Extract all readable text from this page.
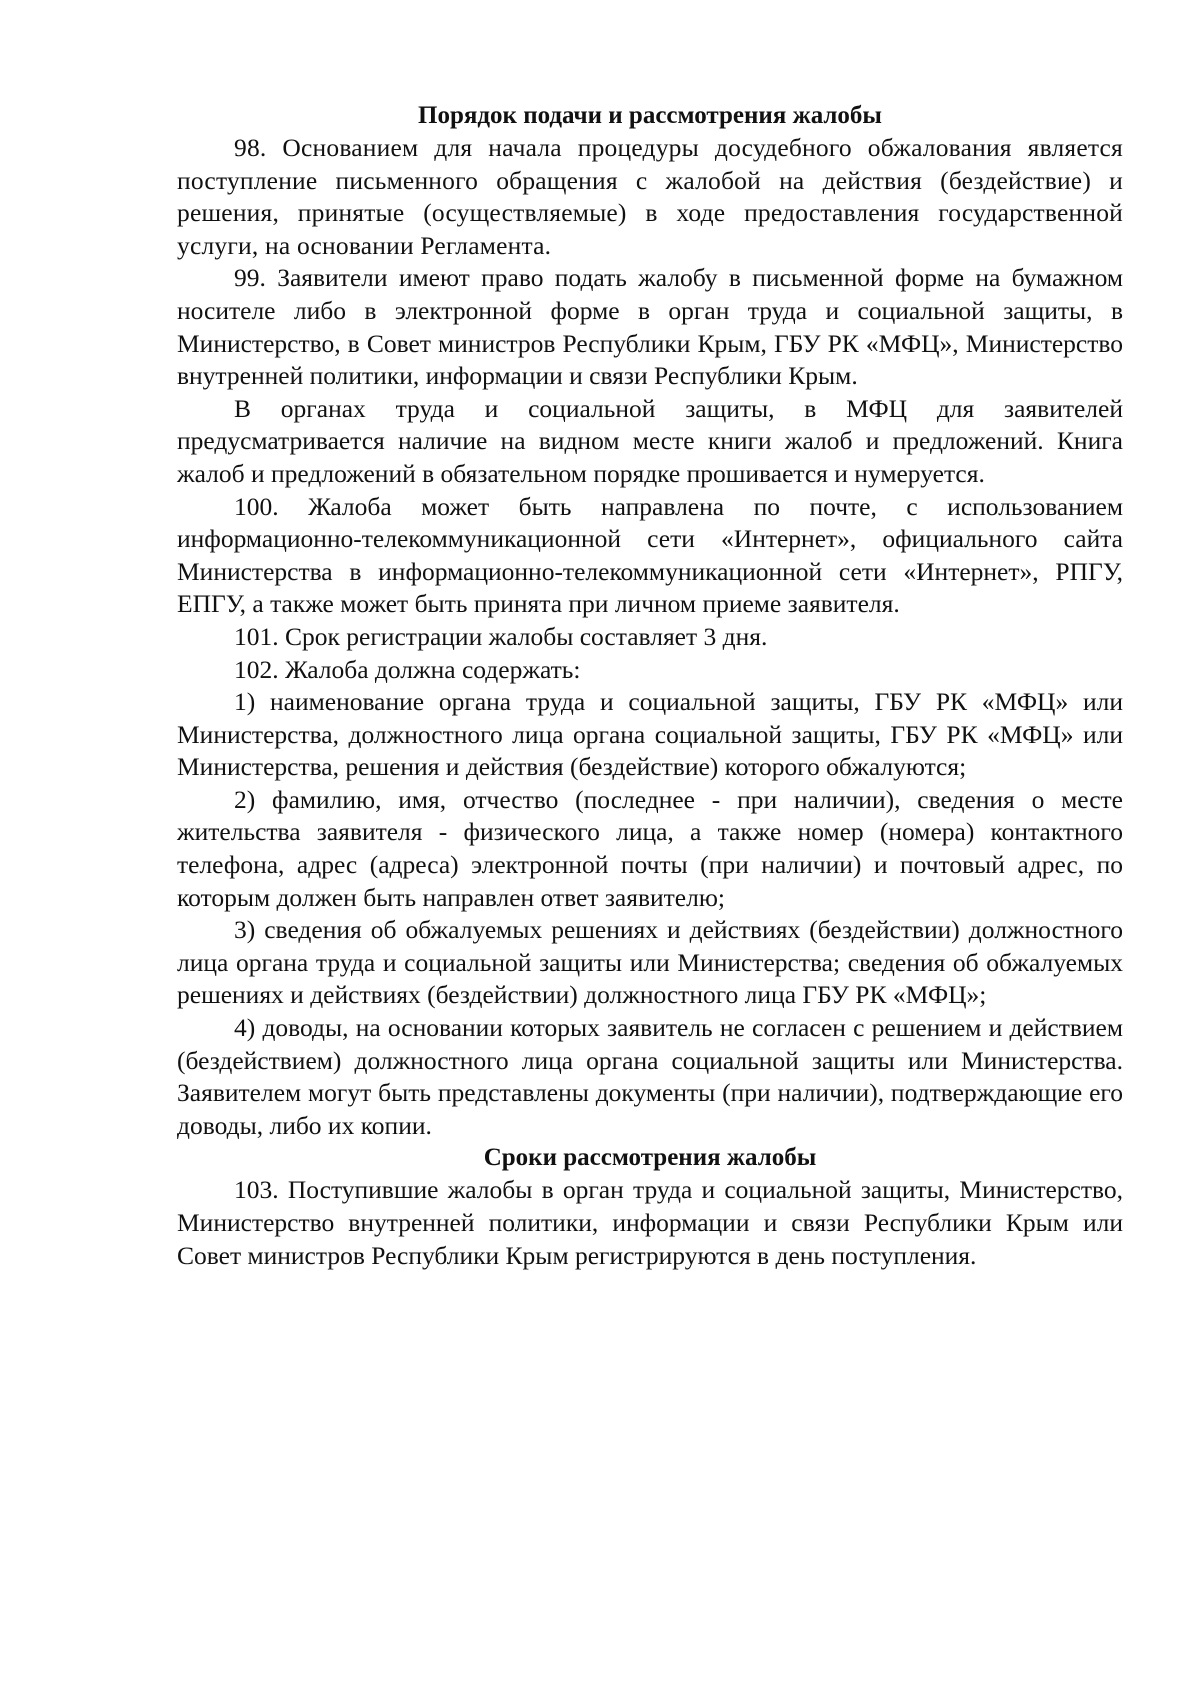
Порядок подачи и рассмотрения жалобы

98. Основанием для начала процедуры досудебного обжалования является поступление письменного обращения с жалобой на действия (бездействие) и решения, принятые (осуществляемые) в ходе предоставления государственной услуги, на основании Регламента.

99. Заявители имеют право подать жалобу в письменной форме на бумажном носителе либо в электронной форме в орган труда и социальной защиты, в Министерство, в Совет министров Республики Крым, ГБУ РК «МФЦ», Министерство внутренней политики, информации и связи Республики Крым.

В органах труда и социальной защиты, в МФЦ для заявителей предусматривается наличие на видном месте книги жалоб и предложений. Книга жалоб и предложений в обязательном порядке прошивается и нумеруется.

100. Жалоба может быть направлена по почте, с использованием информационно-телекоммуникационной сети «Интернет», официального сайта Министерства в информационно-телекоммуникационной сети «Интернет», РПГУ, ЕПГУ, а также может быть принята при личном приеме заявителя.

101. Срок регистрации жалобы составляет 3 дня.

102. Жалоба должна содержать:

1) наименование органа труда и социальной защиты, ГБУ РК «МФЦ» или Министерства, должностного лица органа социальной защиты, ГБУ РК «МФЦ» или Министерства, решения и действия (бездействие) которого обжалуются;

2) фамилию, имя, отчество (последнее - при наличии), сведения о месте жительства заявителя - физического лица, а также номер (номера) контактного телефона, адрес (адреса) электронной почты (при наличии) и почтовый адрес, по которым должен быть направлен ответ заявителю;

3) сведения об обжалуемых решениях и действиях (бездействии) должностного лица органа труда и социальной защиты или Министерства; сведения об обжалуемых решениях и действиях (бездействии) должностного лица ГБУ РК «МФЦ»;

4) доводы, на основании которых заявитель не согласен с решением и действием (бездействием) должностного лица органа социальной защиты или Министерства. Заявителем могут быть представлены документы (при наличии), подтверждающие его доводы, либо их копии.

Сроки рассмотрения жалобы

103. Поступившие жалобы в орган труда и социальной защиты, Министерство, Министерство внутренней политики, информации и связи Республики Крым или Совет министров Республики Крым регистрируются в день поступления.
